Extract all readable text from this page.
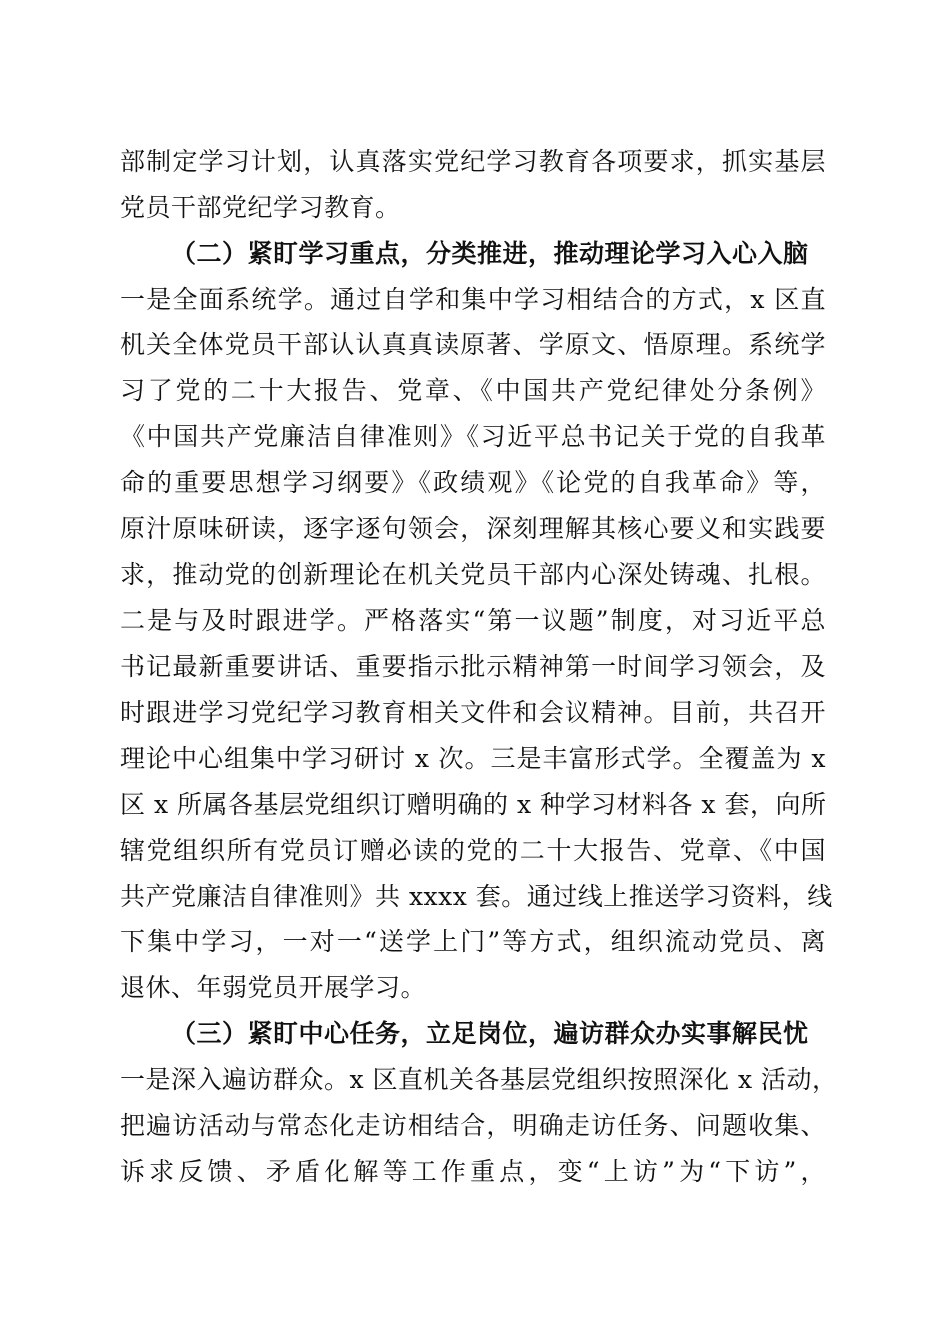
部制定学习计划，认真落实党纪学习教育各项要求，抓实基层
党员干部党纪学习教育。
（二）紧盯学习重点，分类推进，推动理论学习入心入脑
一是全面系统学。通过自学和集中学习相结合的方式，x 区直
机关全体党员干部认认真真读原著、学原文、悟原理。系统学
习了党的二十大报告、党章、《中国共产党纪律处分条例》
《中国共产党廉洁自律准则》《习近平总书记关于党的自我革
命的重要思想学习纲要》《政绩观》《论党的自我革命》等，
原汁原味研读，逐字逐句领会，深刻理解其核心要义和实践要
求，推动党的创新理论在机关党员干部内心深处铸魂、扎根。
二是与及时跟进学。严格落实“第一议题”制度，对习近平总
书记最新重要讲话、重要指示批示精神第一时间学习领会，及
时跟进学习党纪学习教育相关文件和会议精神。目前，共召开
理论中心组集中学习研讨 x 次。三是丰富形式学。全覆盖为 x
区 x 所属各基层党组织订赠明确的 x 种学习材料各 x 套，向所
辖党组织所有党员订赠必读的党的二十大报告、党章、《中国
共产党廉洁自律准则》共 xxxx 套。通过线上推送学习资料，线
下集中学习，一对一“送学上门”等方式，组织流动党员、离
退休、年弱党员开展学习。
（三）紧盯中心任务，立足岗位，遍访群众办实事解民忧
一是深入遍访群众。x 区直机关各基层党组织按照深化 x 活动，
把遍访活动与常态化走访相结合，明确走访任务、问题收集、
诉求反馈、矛盾化解等工作重点，变“上访”为“下访”，
